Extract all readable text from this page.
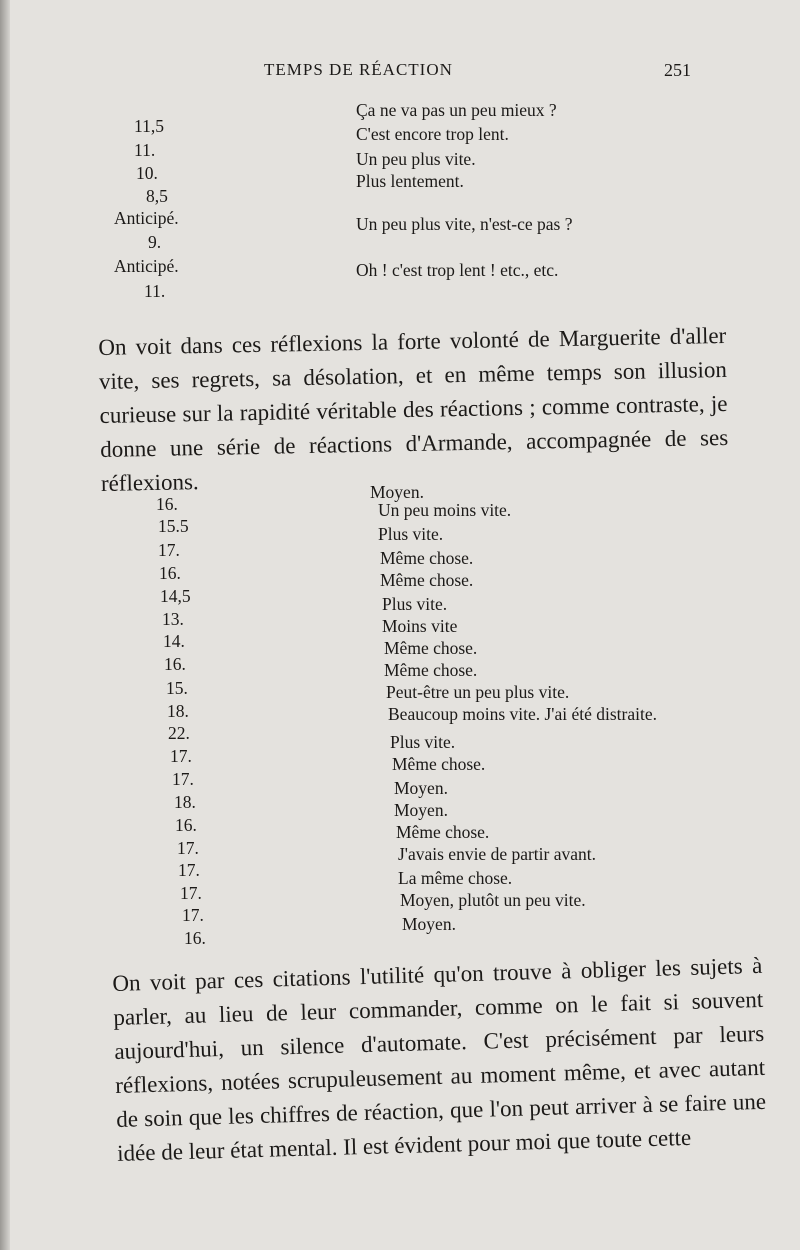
TEMPS DE RÉACTION	251
11,5
11.
10.
8,5
Anticipé.
9.
Anticipé.
11.
Ça ne va pas un peu mieux ?
C'est encore trop lent.
Un peu plus vite.
Plus lentement.
Un peu plus vite, n'est-ce pas ?
Oh ! c'est trop lent ! etc., etc.

On voit dans ces réflexions la forte volonté de Marguerite d'aller vite, ses regrets, sa désolation, et en même temps son illusion curieuse sur la rapidité véritable des réactions ; comme contraste, je donne une série de réactions d'Armande, accompagnée de ses réflexions.

16.
15.5
17.
16.
14,5
13.
14.
16.
15.
18.
22.
17.
17.
18.
16.
17.
17.
17.
17.
16.
Moyen.
Un peu moins vite.
Plus vite.
Même chose.
Même chose.
Plus vite.
Moins vite
Même chose.
Même chose.
Peut-être un peu plus vite.
Beaucoup moins vite. J'ai été distraite.
Plus vite.
Même chose.
Moyen.
Moyen.
Même chose.
J'avais envie de partir avant.
La même chose.
Moyen, plutôt un peu vite.
Moyen.

On voit par ces citations l'utilité qu'on trouve à obliger les sujets à parler, au lieu de leur commander, comme on le fait si souvent aujourd'hui, un silence d'automate. C'est précisément par leurs réflexions, notées scrupuleusement au moment même, et avec autant de soin que les chiffres de réaction, que l'on peut arriver à se faire une idée de leur état mental. Il est évident pour moi que toute cette
